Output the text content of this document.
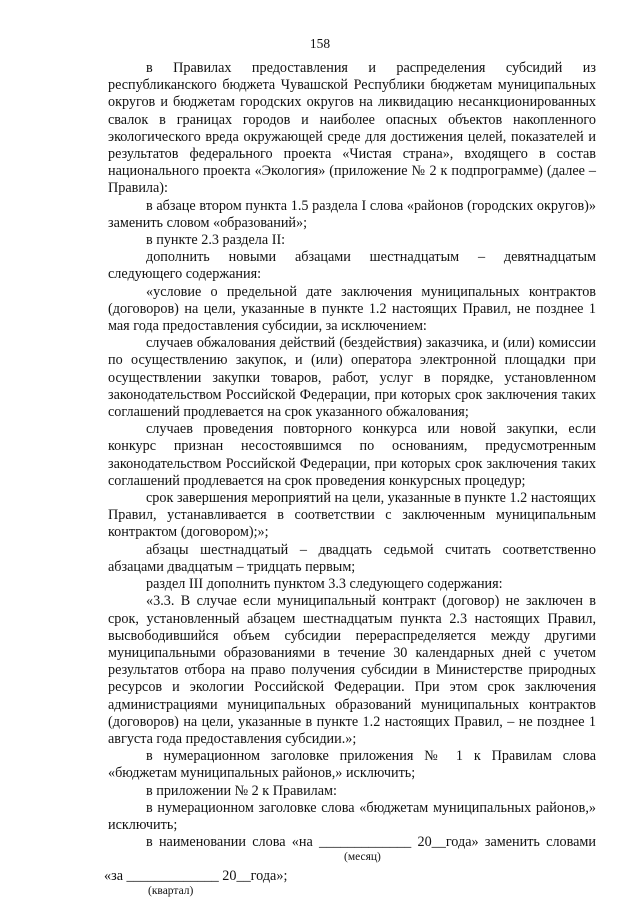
158

в Правилах предоставления и распределения субсидий из республиканского бюджета Чувашской Республики бюджетам муниципальных округов и бюджетам городских округов на ликвидацию несанкционированных свалок в границах городов и наиболее опасных объектов накопленного экологического вреда окружающей среде для достижения целей, показателей и результатов федерального проекта «Чистая страна», входящего в состав национального проекта «Экология» (приложение № 2 к подпрограмме) (далее – Правила):

в абзаце втором пункта 1.5 раздела I слова «районов (городских округов)» заменить словом «образований»;

в пункте 2.3 раздела II:

дополнить новыми абзацами шестнадцатым – девятнадцатым следующего содержания:

«условие о предельной дате заключения муниципальных контрактов (договоров) на цели, указанные в пункте 1.2 настоящих Правил, не позднее 1 мая года предоставления субсидии, за исключением:

случаев обжалования действий (бездействия) заказчика, и (или) комиссии по осуществлению закупок, и (или) оператора электронной площадки при осуществлении закупки товаров, работ, услуг в порядке, установленном законодательством Российской Федерации, при которых срок заключения таких соглашений продлевается на срок указанного обжалования;

случаев проведения повторного конкурса или новой закупки, если конкурс признан несостоявшимся по основаниям, предусмотренным законодательством Российской Федерации, при которых срок заключения таких соглашений продлевается на срок проведения конкурсных процедур;

срок завершения мероприятий на цели, указанные в пункте 1.2 настоящих Правил, устанавливается в соответствии с заключенным муниципальным контрактом (договором);»;

абзацы шестнадцатый – двадцать седьмой считать соответственно абзацами двадцатым – тридцать первым;

раздел III дополнить пунктом 3.3 следующего содержания:

«3.3. В случае если муниципальный контракт (договор) не заключен в срок, установленный абзацем шестнадцатым пункта 2.3 настоящих Правил, высвободившийся объем субсидии перераспределяется между другими муниципальными образованиями в течение 30 календарных дней с учетом результатов отбора на право получения субсидии в Министерстве природных ресурсов и экологии Российской Федерации. При этом срок заключения администрациями муниципальных образований муниципальных контрактов (договоров) на цели, указанные в пункте 1.2 настоящих Правил, – не позднее 1 августа года предоставления субсидии.»;

в нумерационном заголовке приложения № 1 к Правилам слова «бюджетам муниципальных районов,» исключить;

в приложении № 2 к Правилам:

в нумерационном заголовке слова «бюджетам муниципальных районов,» исключить;

в наименовании слова «на _____________ 20__года» заменить словами

(месяц)

«за _____________ 20__года»;

(квартал)
